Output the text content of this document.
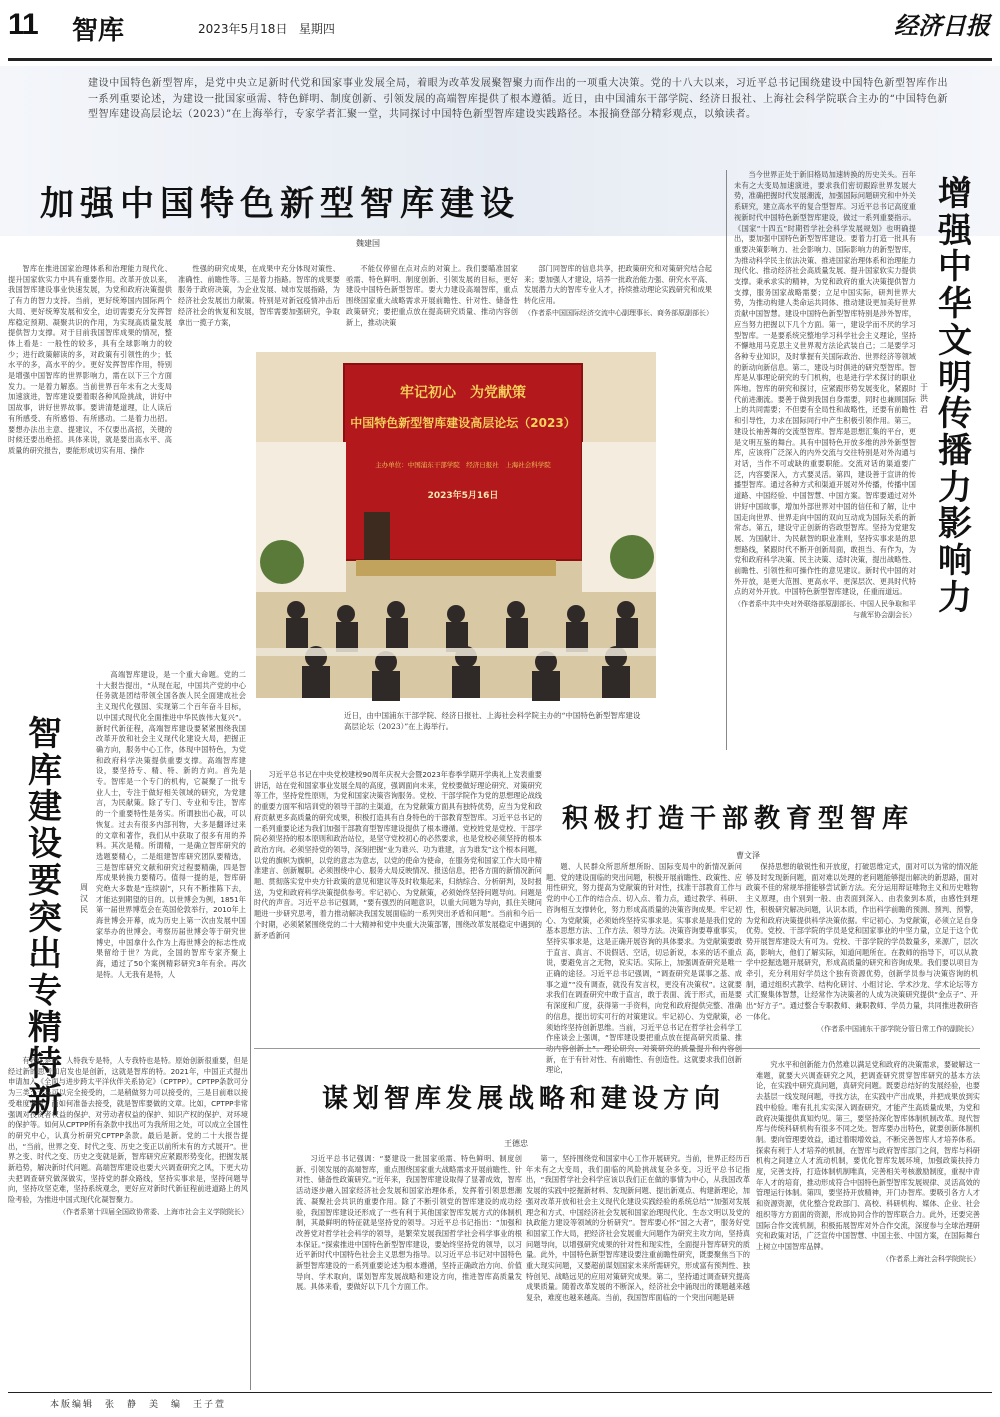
11 智库	2023年5月18日 星期四	经济日报
建设中国特色新型智库，是党中央立足新时代党和国家事业发展全局，着眼为改革发展聚智聚力而作出的一项重大决策。党的十八大以来，习近平总书记围绕建设中国特色新型智库作出一系列重要论述，为建设一批国家亟需、特色鲜明、制度创新、引领发展的高端智库提供了根本遵循。近日，由中国浦东干部学院、经济日报社、上海社会科学院联合主办的“中国特色新型智库建设高层论坛（2023）”在上海举行，专家学者汇聚一堂，共同探讨中国特色新型智库建设实践路径。本报摘登部分精彩观点，以飨读者。
加强中国特色新型智库建设
魏建国

智库在推进国家治理体系和治理能力现代化、提升国家软实力中具有重要作用。改革开放以来，我国智库建设事业快速发展，为党和政府决策提供了有力的智力支持。当前，更好统筹国内国际两个大局、更好统筹发展和安全，迫切需要充分发挥智库稳定预期、凝聚共识的作用，为实现高质量发展提供智力支撑。对于目前我国智库成果的情况，整体上看是：一般性的较多，具有全球影响力的较少；进行政策解读的多，对政策有引领性的少；低水平的多，高水平的少。更好发挥智库作用，特别是增强中国智库的世界影响力，需在以下三个方面发力。一是着力解惑。当前世界百年未有之大变局加速演进，智库建设要着眼各种风险挑战，讲好中国故事，讲好世界故事。要讲清楚道理，让人读后有所感受、有所感悟、有所感动。二是着力出招。要想办法出主意、提建议，不仅要出高招，关键的时候还要出绝招。具体来说，就是要出高水平、高质量的研究报告，要能形成切实有用、操作

性强的研究成果，在成果中充分体现对策性、准确性、前瞻性等。三是着力指路。智库的成果要服务于政府决策，为企业发展、城市发展指路，为经济社会发展出力献策。特别是对新冠疫情冲击后经济社会的恢复和发展，智库需要加强研究，争取拿出一揽子方案，

不能仅停留在点对点的对策上。我们要瞄准国家亟需、特色鲜明、制度创新、引领发展的目标，更好建设中国特色新型智库。要大力建设高端智库，重点围绕国家重大战略需求开展前瞻性、针对性、储备性政策研究；要把重点放在提高研究质量、推动内容创新上，推动决策

部门同智库的信息共享，把政策研究和对策研究结合起来；要加强人才建设，培养一批政治能力强、研究水平高、发展潜力大的智库专业人才，持续推动理论实践研究和成果转化应用。

（作者系中国国际经济交流中心副理事长、商务部原副部长）

当今世界正处于新旧格局加速转换的历史关头。百年未有之大变局加速演进，要求我们密切跟踪世界发展大势，准确把握时代发展潮流，加强国际问题研究和中外关系研究，建立高水平的复合型智库。习近平总书记高度重视新时代中国特色新型智库建设，做过一系列重要指示。《国家“十四五”时期哲学社会科学发展规划》也明确提出，要加强中国特色新型智库建设。要着力打造一批具有重要决策影响力、社会影响力、国际影响力的新型智库，为推动科学民主依法决策、推进国家治理体系和治理能力现代化、推动经济社会高质量发展、提升国家软实力提供支撑。秉承求实的精神，为党和政府的重大决策提供智力支撑，服务国家战略需要；立足中国实际，研判世界大势，为推动构建人类命运共同体、推动建设更加美好世界贡献中国智慧。建设中国特色新型智库特别是涉外智库，应当努力把握以下几个方面。第一，建设学而不厌的学习型智库。一是要系统完整地学习科学社会主义理论，坚持不懈地用马克思主义世界观方法论武装自己；二是要学习各种专业知识，及时掌握有关国际政治、世界经济等领域的新动向新信息。第二，建设与时俱进的研究型智库。智库是从事理论研究的专门机构，也是进行学术探讨的职业阵地。智库的研究和探讨，应紧跟形势发展变化，紧跟时代前进潮流。要善于做到我国自身需要，同时也兼顾国际上的共同需要；不但要有全局性和战略性，还要有前瞻性和引导性，力求在国际同行中产生积极引领作用。第三，建设长袖善舞的交流型智库。智库是思想汇集的平台，更是文明互鉴的舞台。具有中国特色开放多维的涉外新型智库，应该将广泛深入的内外交流与交往特别是对外沟通与对话，当作不可或缺的重要职能。交流对话的渠道要广泛，内容要深入，方式要灵活。第四，建设善于宣讲的传播型智库。通过各种方式和渠道开展对外传播，传播中国道路、中国经验、中国智慧、中国方案。智库要通过对外讲好中国故事，增加外部世界对中国的信任和了解，让中国走向世界、世界走向中国的双向互动成为国际关系的新常态。第五，建设守正创新的咨政型智库。坚持为党建发展、为国献计、为民献智的职业准则，坚持实事求是的思想路线，紧跟时代不断开创新局面，敢担当、有作为，为党和政府科学决策、民主决策、适时决策，提出战略性、前瞻性、引领性和可操作性的意见建议。新时代中国的对外开放，是更大范围、更高水平、更深层次、更具时代特点的对外开放。中国特色新型智库建设，任重而道远。

（作者系中共中央对外联络部原副部长、中国人民争取和平与裁军协会副会长）
增强中华文明传播力影响力
于洪君
牢记初心　为党献策
中国特色新型智库建设高层论坛（2023）
主办单位：中国浦东干部学院　经济日报社　上海社会科学院
2023年5月16日
近日，由中国浦东干部学院、经济日报社、上海社会科学院主办的“中国特色新型智库建设高层论坛（2023）”在上海举行。
智库建设要突出专精特新
周汉民

高端智库建设，是一个重大命题。党的二十大报告提出，“从现在起，中国共产党的中心任务就是团结带领全国各族人民全面建成社会主义现代化强国、实现第二个百年奋斗目标，以中国式现代化全面推进中华民族伟大复兴”。新时代新征程，高端智库建设要紧紧围绕我国改革开放和社会主义现代化建设大局，把握正确方向，服务中心工作，体现中国特色，为党和政府科学决策提供重要支撑。高端智库建设，要坚持专、精、特、新的方向。首先是专。智库是一个专门的机构，它凝聚了一批专业人士，专注于做好相关领域的研究，为党建言，为民献策。除了专门、专业和专注，智库的一个重要特性是务实。所谓独出心裁，可以恢复。过去有很多内部刊物，大多是翻译过来的文章和著作，我们从中获取了很多有用的养料。其次是精。所谓精，一是确立智库研究的选题要精心，二是组建智库研究团队要精选，三是智库研究文献和研究过程要精确，四是智库成果转换力要精巧。值得一提的是，智库研究绝大多数是“连续剧”，只有不断推陈下去，才能达到期望的目的。以世博会为例，1851年第一届世界博览会在英国伦敦举行，2010年上海世博会开幕，成为历史上第一次由发展中国家举办的世博会。考察历届世博会等于研究世博史，中国拿什么作为上海世博会的标志性成果留给于世？为此，全国的智库专家齐聚上海，通过了50个案例精彩研究3年有余。再次是特。人无我有是特，人

有我优是特，人特我专是特，人专我特也是特。原始创新很重要，但是经过新的思考和启发也是创新，这就是智库的特。2021年，中国正式提出申请加入《全面与进步跨太平洋伙伴关系协定》（CPTPP）。CPTPP条款可分为三类：一是可以完全接受的，二是稍做努力可以接受的，三是目前难以接受难度条款。而如何准备去接受，就是智库要做的文章。比如，CPTPP非常强调对投资者权益的保护、对劳动者权益的保护、知识产权的保护、对环境的保护等。如何从CPTPP所有条款中找出可为我所用之处，可以成立全国性的研究中心，认真分析研究CPTPP条款。最后是新。党的二十大报告提出，“当前，世界之变、时代之变、历史之变正以前所未有的方式展开”。世界之变、时代之变、历史之变就是新，智库研究应紧跟形势变化，把握发展新趋势，解决新时代问题。高端智库建设也要大兴调查研究之风，下更大功夫把调查研究做深做实，坚持党的群众路线，坚持实事求是，坚持问题导向，坚持攻坚克难，坚持系统观念，更好应对新时代新征程前进道路上的风险考验，为推进中国式现代化凝智聚力。

（作者系第十四届全国政协常委、上海市社会主义学院院长）

习近平总书记在中央党校建校90周年庆祝大会暨2023年春季学期开学典礼上发表重要讲话，站在党和国家事业发展全局的高度，强调面向未来，党校要做好理论研究、对策研究等工作，坚持党性原则，为党和国家决策咨询服务。党校、干部学院作为党的思想理论战线的重要方面军和培训党的领导干部的主渠道，在为党献策方面具有独特优势，应当为党和政府贡献更多高质量的研究成果，积极打造具有自身特色的干部教育型智库。习近平总书记的一系列重要论述为我们加强干部教育型智库建设提供了根本遵循。党校姓党是党校、干部学院必须坚持的根本原则和政治站位，是坚守党校初心的必然要求，也是党校必须坚持的根本政治方向。必须坚持党的领导，深刻把握“业为谁兴、功为谁建，言为谁发”这个根本问题，以党的旗帜为旗帜，以党的意志为意志，以党的使命为使命，在服务党和国家工作大局中精准建言、创新履职。必须围绕中心、服务大局反映情况、报送信息，把各方面的新情况新问题、贯彻落实党中央方针政策的意见和建议等及时收集起来，归纳综合、分析研判，及时报送，为党和政府科学决策提供参考。牢记初心、为党献策，必须始终坚持问题导向。问题是时代的声音。习近平总书记强调，“要有强烈的问题意识，以重大问题为导向，抓住关键问题进一步研究思考，着力推动解决我国发展面临的一系列突出矛盾和问题”。当前和今后一个时期，必须紧紧围绕党的二十大精神和党中央重大决策部署，围绕改革发展稳定中遇到的新矛盾新问

积极打造干部教育型智库
曹文泽

题、人民群众所思所想所盼、国际变局中的新情况新问题、党的建设面临的突出问题，积极开展前瞻性、政策性、应用性研究，努力提高为党献策的针对性，找准干部教育工作与党的中心工作的结合点、切入点、着力点，通过教学、科研、咨询相互支撑转化，努力形成高质量的决策咨询成果。牢记初心、为党献策，必须始终坚持实事求是。实事求是是我们党的基本思想方法、工作方法、领导方法。决策咨询要尊重事实，坚持实事求是，这是正确开展咨询的具体要求。为党献策要敢于直言、真言、不说假话、空话，切忌新说，本来的话不重点说，要避免言之无物，说实话。实际上，加强调查研究是唯一正确的途径。习近平总书记强调，“调查研究是谋事之基、成事之道”“没有调查，就没有发言权，更没有决策权”。这就要求我们在调查研究中敢于直言，敢于表面、流于形式，而是要有深度和广度，获得第一手资料，向党和政府提供完整、准确的信息，提出切实可行的对策建议。牢记初心、为党献策，必须始终坚持创新思维。当前，习近平总书记在哲学社会科学工作座谈会上强调，“智库建设要把重点放在提高研究质量、推 新，在于有针对性、有前瞻性、有创造性。这就要求我们创新理论，

保持思想的敏锐性和开放度，打破思维定式，面对可以为常的情况能够及时发现新问题，面对难以处理的老问题能够提出解决的新思路，面对政策不佳的常规举措能够尝试新方法。充分运用辩证唯物主义和历史唯物主义原理，由个别到一般、由表面到深入、由表象到本质，由感性到理性，积极研究解决问题，认识本质，作出科学前瞻的预测、预判、预警，为党和政府决策提供科学决策依据。牢记初心、为党献策，必须立足自身优势。党校、干部学院的学员是党和国家事业的中坚力量，立足于这个优势开展智库建设大有可为。党校、干部学院的学员数量多，来源广，层次高，影响大，他们了解实际，知道问题所在。在教师的指导下，可以从教学中挖掘选题开展研究，形成高质量的研究和咨询成果。我们要以项目为牵引，充分利用好学员这个独有资源优势，创新学员参与决策咨询的机制，通过组织式教学、结构化研讨、小组讨论、学术沙龙、学术论坛等方式汇聚集体智慧，让经常作为决策者的人成为决策研究提供“金点子”、开出“好方子”。通过整合专职教师、兼职教师、学员力量，共同推进教研咨一体化。

（作者系中国浦东干部学院分管日常工作的副院长）
谋划智库发展战略和建设方向
王德忠

习近平总书记强调：“要建设一批国家亟需、特色鲜明、制度创新、引领发展的高端智库，重点围绕国家重大战略需求开展前瞻性、针对性、储备性政策研究。”近年来，我国智库建设取得了显著成效，智库活动逐步融入国家经济社会发展和国家治理体系，发挥着引领思想潮流、凝聚社会共识的重要作用。除了不断引领党的智库建设的成功经验，我国智库建设还形成了一些有利于其他国家智库发展方式的体制机制，其最鲜明的特征就是坚持党的领导。习近平总书记指出：“加强和改善党对哲学社会科学的领导，是繁荣发展我国哲学社会科学事业的根本保证。”探索推进中国特色新型智库建设，要始终坚持党的领导，以习近平新时代中国特色社会主义思想为指导。以习近平总书记对中国特色新型智库建设的一系列重要论述为根本遵循，坚持正确政治方向、价值导向、学术取向，谋划智库发展战略和建设方向，推进智库高质量发展。具体来看，要做好以下几个方面工作。

第一，坚持围绕党和国家中心工作开展研究。当前，世界正经历百年未有之大变局，我们面临的风险挑战复杂多变。习近平总书记指出，“我国哲学社会科学应该以我们正在做的事情为中心，从我国改革发展的实践中挖掘新材料、发现新问题、提出新观点、构建新理论，加强对改革开放和社会主义现代化建设实践经验的系统总结”“加强对发展理念和方式、中国经济社会发展和国家治理现代化、生态文明以及党的执政能力建设等领域的分析研究”。智库要心怀“国之大者”，服务好党和国家工作大局，把经济社会发展重大问题作为研究主攻方向，坚持真问题导向，以增强研究成果的针对性和现实性，全面提升智库研究的质量。此外，中国特色新型智库建设要注重前瞻性研究，既要聚焦当下的重大现实问题，又要超前谋划国家未来所需研究，形成富有预判性、独特创见、战略远见的应用对策研究成果。第二，坚持通过调查研究提高成果质量。随着改革发展的不断深入，经济社会中涌现出的课题越来越复杂，难度也越来越高。当前，我国智库面临的一个突出问题是研

究水平和创新能力仍然难以满足党和政府的决策需求，要破解这一难题，就要大兴调查研究之风，把调查研究贯穿智库研究的基本方法论，在实践中研究真问题，真研究问题。既要总结好的发展经验，也要去基层一线发现问题，寻找方法，在实践中产出成果，并把成果放到实践中检验。唯有扎扎实实深入调查研究，才能产生高质量成果，为党和政府决策提供真知灼见。第三，要坚持深化智库体制机制改革。现代智库与传统科研机构有很多不同之处。智库要办出特色，就要创新体制机制。要向管理要效益，通过着眼增效益，不断完善智库人才培养体系。探索有利于人才培养的机制，在智库与政府智库部门之间，智库与科研机构之间建立人才流动机制，要优化智库发展环境，加强政策扶持力度，完善支持，打造体制机制唯真，完善相关考核激励制度，重视中青年人才的培育，推动形成符合中国特色新型智库发展规律、灵活高效的管理运行体制。第四，要坚持开放精神，开门办智库。要吸引各方人才和资源资源，优化整合党政部门、高校、科研机构、媒体、企业、社会组织等方方面面的资源，形成协同合作的智库联合力。此外，还要完善国际合作交流机制，积极拓展智库对外合作交流，深度参与全球治理研究和政策对话，广泛宣传中国智慧、中国主张、中国方案，在国际舞台上树立中国智库品牌。

（作者系上海社会科学院院长）
本版编辑　张　静　美　编　王子萱
